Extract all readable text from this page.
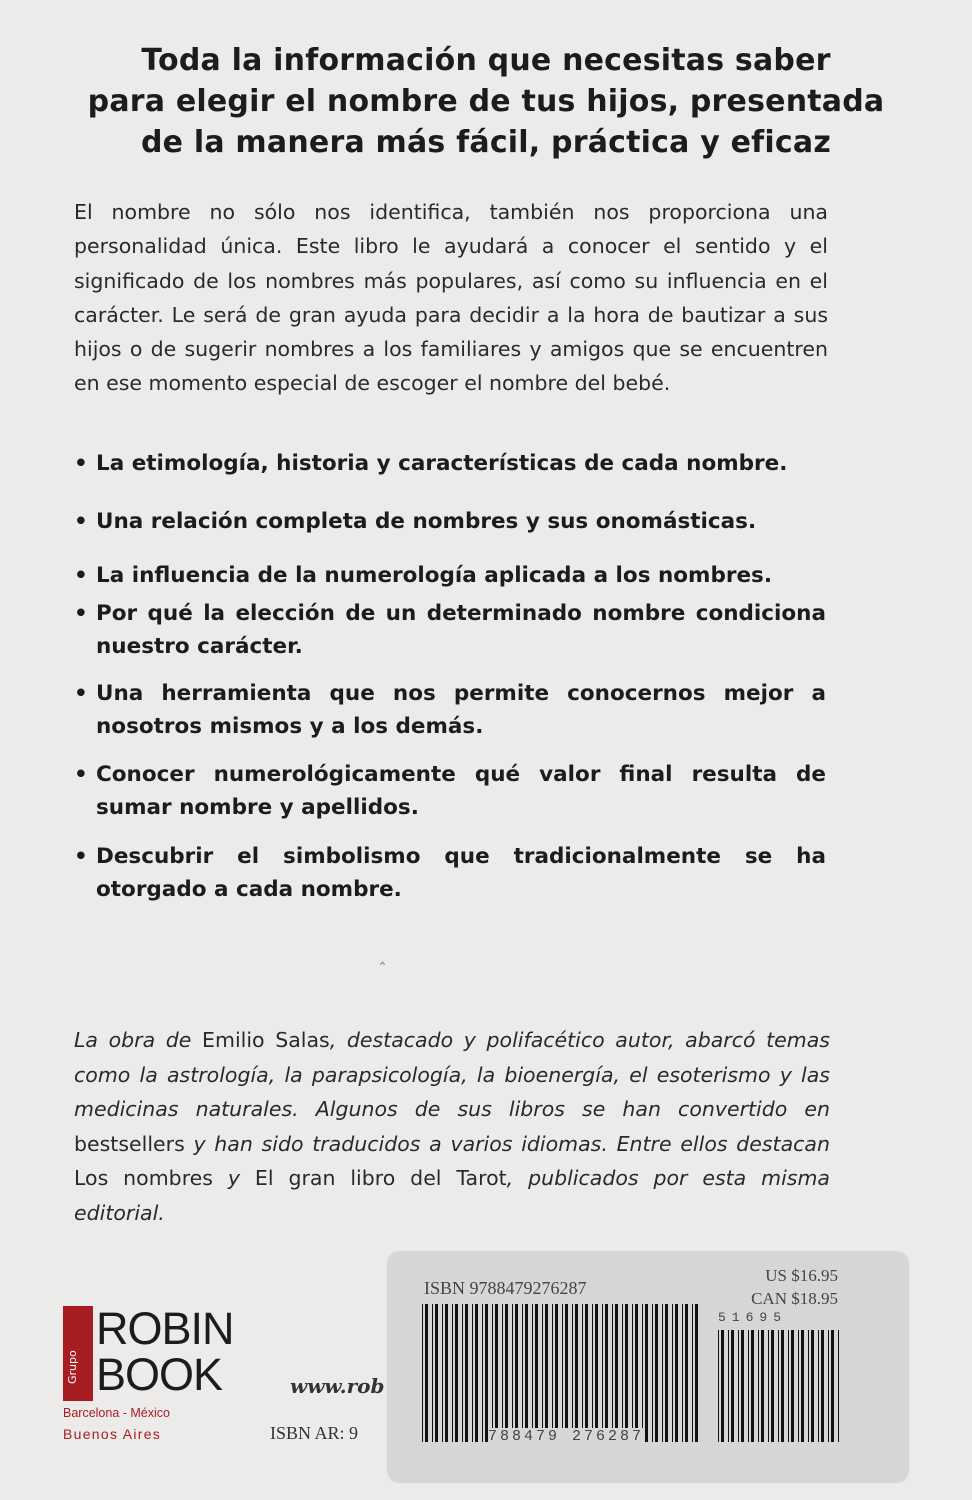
Toda la información que necesitas saber
para elegir el nombre de tus hijos, presentada
de la manera más fácil, práctica y eficaz

El nombre no sólo nos identifica, también nos proporciona una personalidad única. Este libro le ayudará a conocer el sentido y el significado de los nombres más populares, así como su influencia en el carácter. Le será de gran ayuda para decidir a la hora de bautizar a sus hijos o de sugerir nombres a los familiares y amigos que se encuentren en ese momento especial de escoger el nombre del bebé.

• La etimología, historia y características de cada nombre.
• Una relación completa de nombres y sus onomásticas.
• La influencia de la numerología aplicada a los nombres.
• Por qué la elección de un determinado nombre condiciona nuestro carácter.
• Una herramienta que nos permite conocernos mejor a nosotros mismos y a los demás.
• Conocer numerológicamente qué valor final resulta de sumar nombre y apellidos.
• Descubrir el simbolismo que tradicionalmente se ha otorgado a cada nombre.
ˆ

La obra de Emilio Salas, destacado y polifacético autor, abarcó temas como la astrología, la parapsicología, la bioenergía, el esoterismo y las medicinas naturales. Algunos de sus libros se han convertido en bestsellers y han sido traducidos a varios idiomas. Entre ellos destacan Los nombres y El gran libro del Tarot, publicados por esta misma editorial.

Grupo
ROBIN
BOOK
Barcelona - México
Buenos Aires
www.rob
ISBN AR: 9
ISBN 9788479276287
US $16.95
CAN $18.95
51695
788479 276287
